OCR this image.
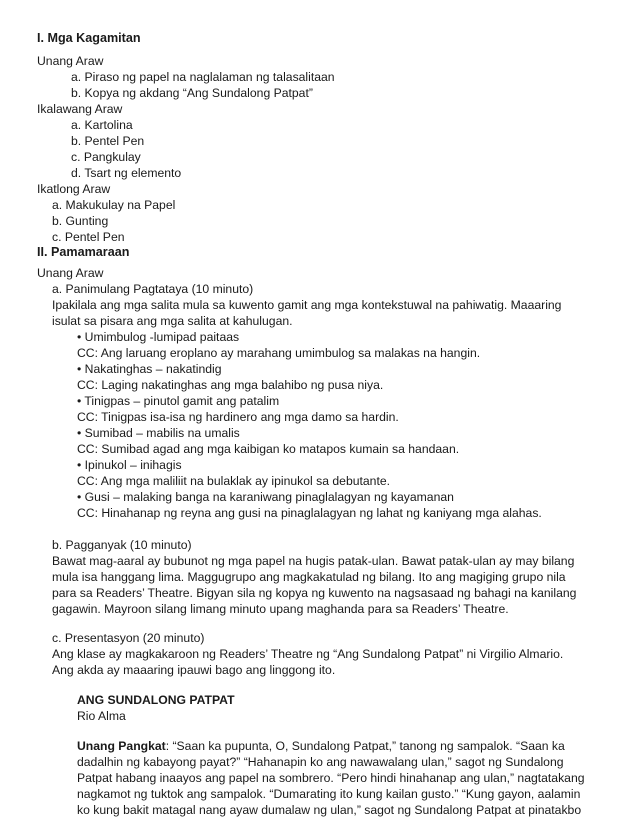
I. Mga Kagamitan
Unang Araw
a. Piraso ng papel na naglalaman ng talasalitaan
b. Kopya ng akdang “Ang Sundalong Patpat”
Ikalawang Araw
a. Kartolina
b. Pentel Pen
c. Pangkulay
d. Tsart ng elemento
Ikatlong Araw
a. Makukulay na Papel
b. Gunting
c. Pentel Pen
II. Pamamaraan
Unang Araw
a. Panimulang Pagtataya (10 minuto)
Ipakilala ang mga salita mula sa kuwento gamit ang mga kontekstuwal na pahiwatig. Maaaring
isulat sa pisara ang mga salita at kahulugan.
• Umimbulog -lumipad paitaas
CC: Ang laruang eroplano ay marahang umimbulog sa malakas na hangin.
• Nakatinghas – nakatindig
CC: Laging nakatinghas ang mga balahibo ng pusa niya.
• Tinigpas – pinutol gamit ang patalim
CC: Tinigpas isa-isa ng hardinero ang mga damo sa hardin.
• Sumibad – mabilis na umalis
CC: Sumibad agad ang mga kaibigan ko matapos kumain sa handaan.
• Ipinukol – inihagis
CC: Ang mga maliliit na bulaklak ay ipinukol sa debutante.
• Gusi – malaking banga na karaniwang pinaglalagyan ng kayamanan
CC: Hinahanap ng reyna ang gusi na pinaglalagyan ng lahat ng kaniyang mga alahas.
b. Pagganyak (10 minuto)
Bawat mag-aaral ay bubunot ng mga papel na hugis patak-ulan. Bawat patak-ulan ay may bilang
mula isa hanggang lima. Maggugrupo ang magkakatulad ng bilang. Ito ang magiging grupo nila
para sa Readers’ Theatre. Bigyan sila ng kopya ng kuwento na nagsasaad ng bahagi na kanilang
gagawin. Mayroon silang limang minuto upang maghanda para sa Readers’ Theatre.
c. Presentasyon (20 minuto)
Ang klase ay magkakaroon ng Readers’ Theatre ng “Ang Sundalong Patpat” ni Virgilio Almario.
Ang akda ay maaaring ipauwi bago ang linggong ito.
ANG SUNDALONG PATPAT
Rio Alma
Unang Pangkat: “Saan ka pupunta, O, Sundalong Patpat,” tanong ng sampalok. “Saan ka
dadalhin ng kabayong payat?” “Hahanapin ko ang nawawalang ulan,” sagot ng Sundalong
Patpat habang inaayos ang papel na sombrero. “Pero hindi hinahanap ang ulan,” nagtatakang
nagkamot ng tuktok ang sampalok. “Dumarating ito kung kailan gusto.” “Kung gayon, aalamin
ko kung bakit matagal nang ayaw dumalaw ng ulan,” sagot ng Sundalong Patpat at pinatakbo
